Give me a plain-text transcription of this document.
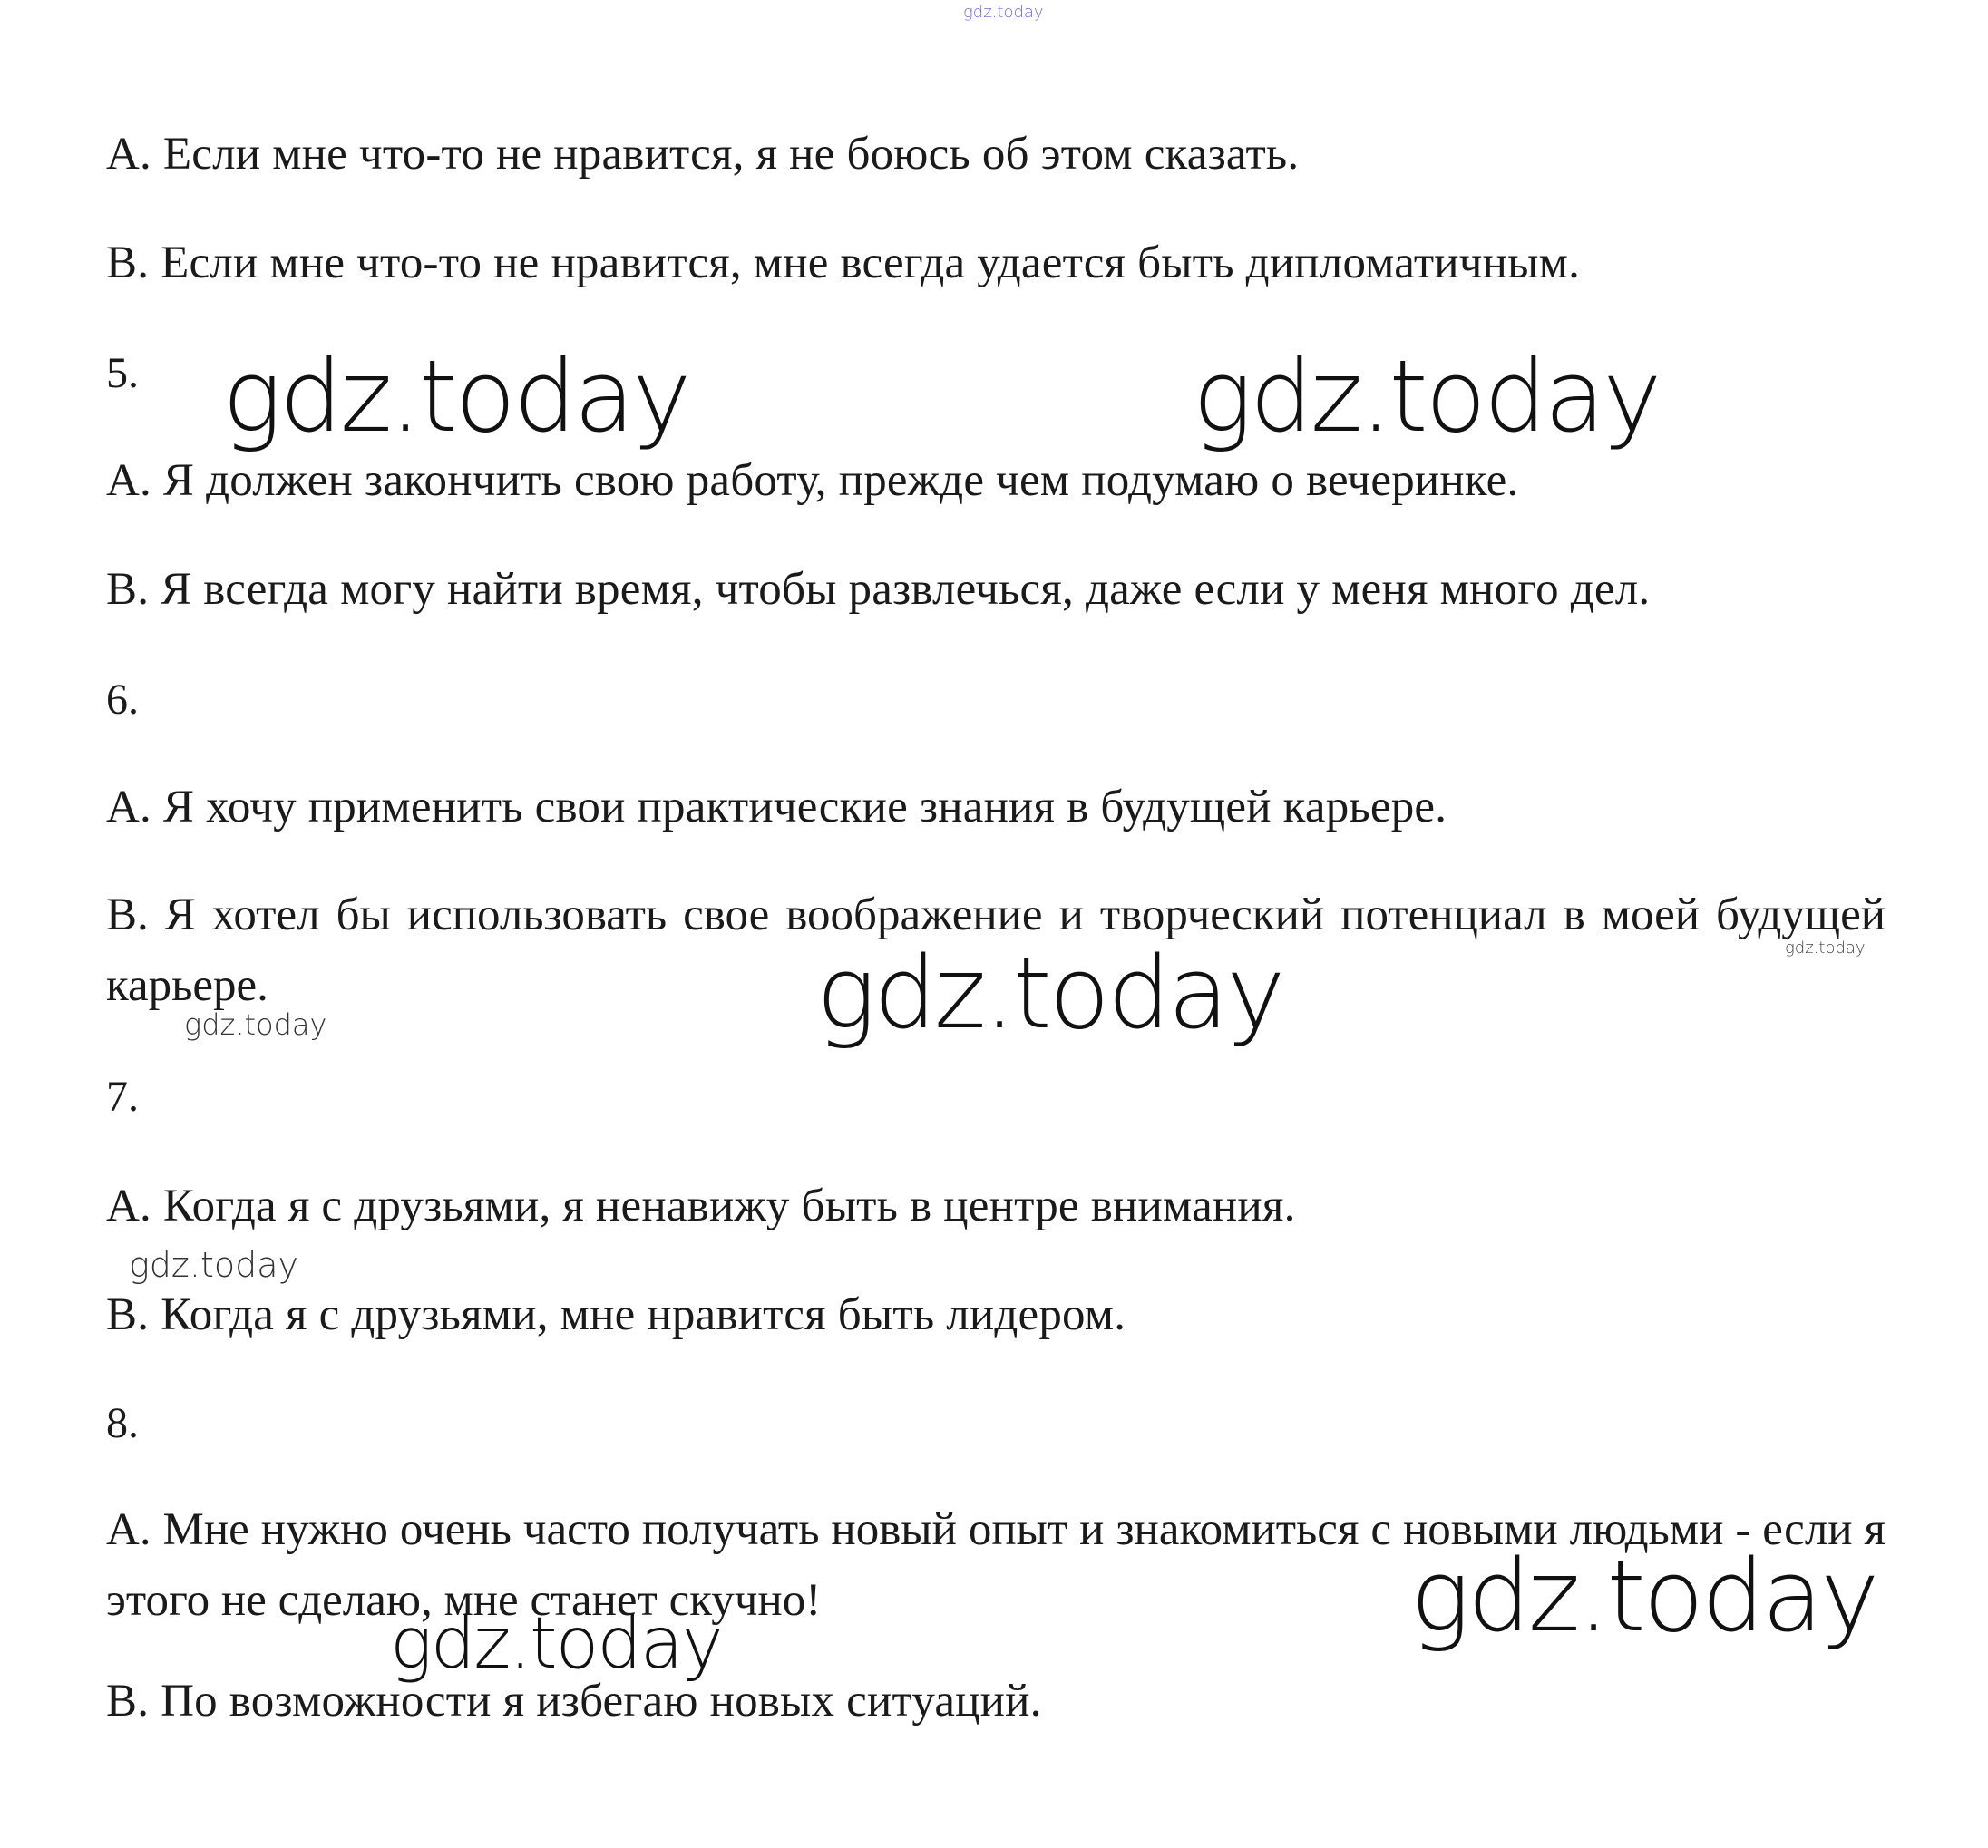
gdz.today
A. Если мне что-то не нравится, я не боюсь об этом сказать.
B. Если мне что-то не нравится, мне всегда удается быть дипломатичным.
5. gdz.today	gdz.today
A. Я должен закончить свою работу, прежде чем подумаю о вечеринке.
B. Я всегда могу найти время, чтобы развлечься, даже если у меня много дел.
6.
A. Я хочу применить свои практические знания в будущей карьере.
B. Я хотел бы использовать свое воображение и творческий потенциал в моей будущей карьере.
gdz.today
gdz.today	gdz.today
7.
A. Когда я с друзьями, я ненавижу быть в центре внимания.
gdz.today
B. Когда я с друзьями, мне нравится быть лидером.
8.
A. Мне нужно очень часто получать новый опыт и знакомиться с новыми людьми - если я этого не сделаю, мне станет скучно!	gdz.today
gdz.today
B. По возможности я избегаю новых ситуаций.
